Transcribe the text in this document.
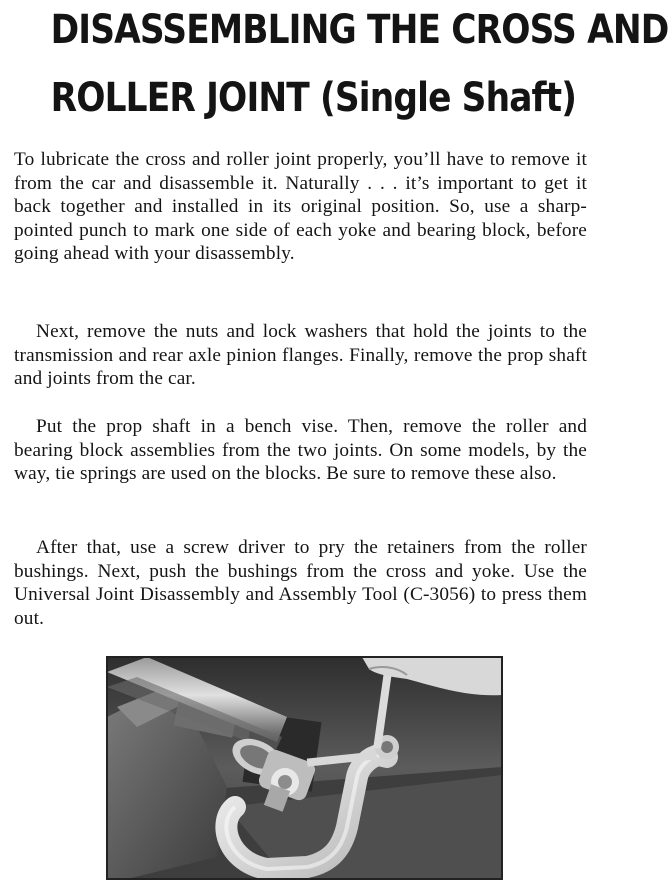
DISASSEMBLING THE CROSS AND
ROLLER JOINT (Single Shaft)

To lubricate the cross and roller joint properly, you’ll have to remove it from the car and disassemble it. Naturally . . . it’s important to get it back together and installed in its original position. So, use a sharp-pointed punch to mark one side of each yoke and bearing block, before going ahead with your disassembly.

Next, remove the nuts and lock washers that hold the joints to the transmission and rear axle pinion flanges. Finally, remove the prop shaft and joints from the car.

Put the prop shaft in a bench vise. Then, remove the roller and bearing block assemblies from the two joints. On some models, by the way, tie springs are used on the blocks. Be sure to remove these also.

After that, use a screw driver to pry the retainers from the roller bushings. Next, push the bushings from the cross and yoke. Use the Universal Joint Disassembly and Assembly Tool (C-3056) to press them out.
